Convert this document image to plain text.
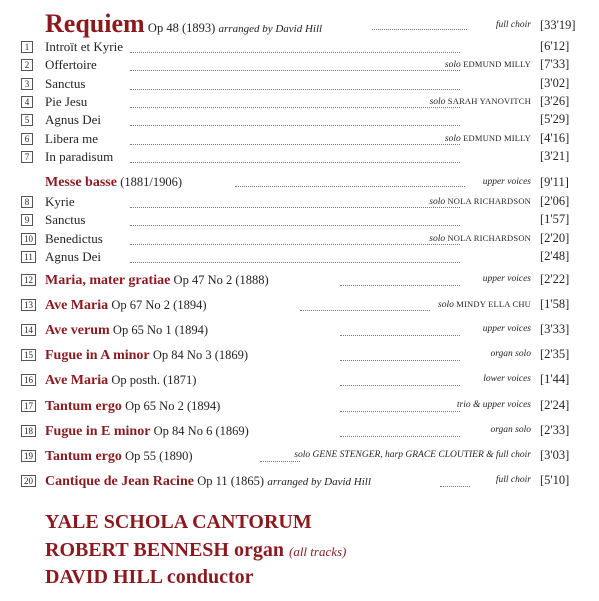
Requiem Op 48 (1893) arranged by David Hill	full choir [33'19]
1 Introït et Kyrie	[6'12]
2 Offertoire	solo EDMUND MILLY [7'33]
3 Sanctus	[3'02]
4 Pie Jesu	solo SARAH YANOVITCH [3'26]
5 Agnus Dei	[5'29]
6 Libera me	solo EDMUND MILLY [4'16]
7 In paradisum	[3'21]
Messe basse (1881/1906)	upper voices [9'11]
8 Kyrie	solo NOLA RICHARDSON [2'06]
9 Sanctus	[1'57]
10 Benedictus	solo NOLA RICHARDSON [2'20]
11 Agnus Dei	[2'48]
12 Maria, mater gratiae Op 47 No 2 (1888)	upper voices [2'22]
13 Ave Maria Op 67 No 2 (1894)	solo MINDY ELLA CHU [1'58]
14 Ave verum Op 65 No 1 (1894)	upper voices [3'33]
15 Fugue in A minor Op 84 No 3 (1869)	organ solo [2'35]
16 Ave Maria Op posth. (1871)	lower voices [1'44]
17 Tantum ergo Op 65 No 2 (1894)	trio & upper voices [2'24]
18 Fugue in E minor Op 84 No 6 (1869)	organ solo [2'33]
19 Tantum ergo Op 55 (1890)	solo GENE STENGER, harp GRACE CLOUTIER & full choir [3'03]
20 Cantique de Jean Racine Op 11 (1865) arranged by David Hill	full choir [5'10]
YALE SCHOLA CANTORUM
ROBERT BENNESH organ (all tracks)
DAVID HILL conductor
